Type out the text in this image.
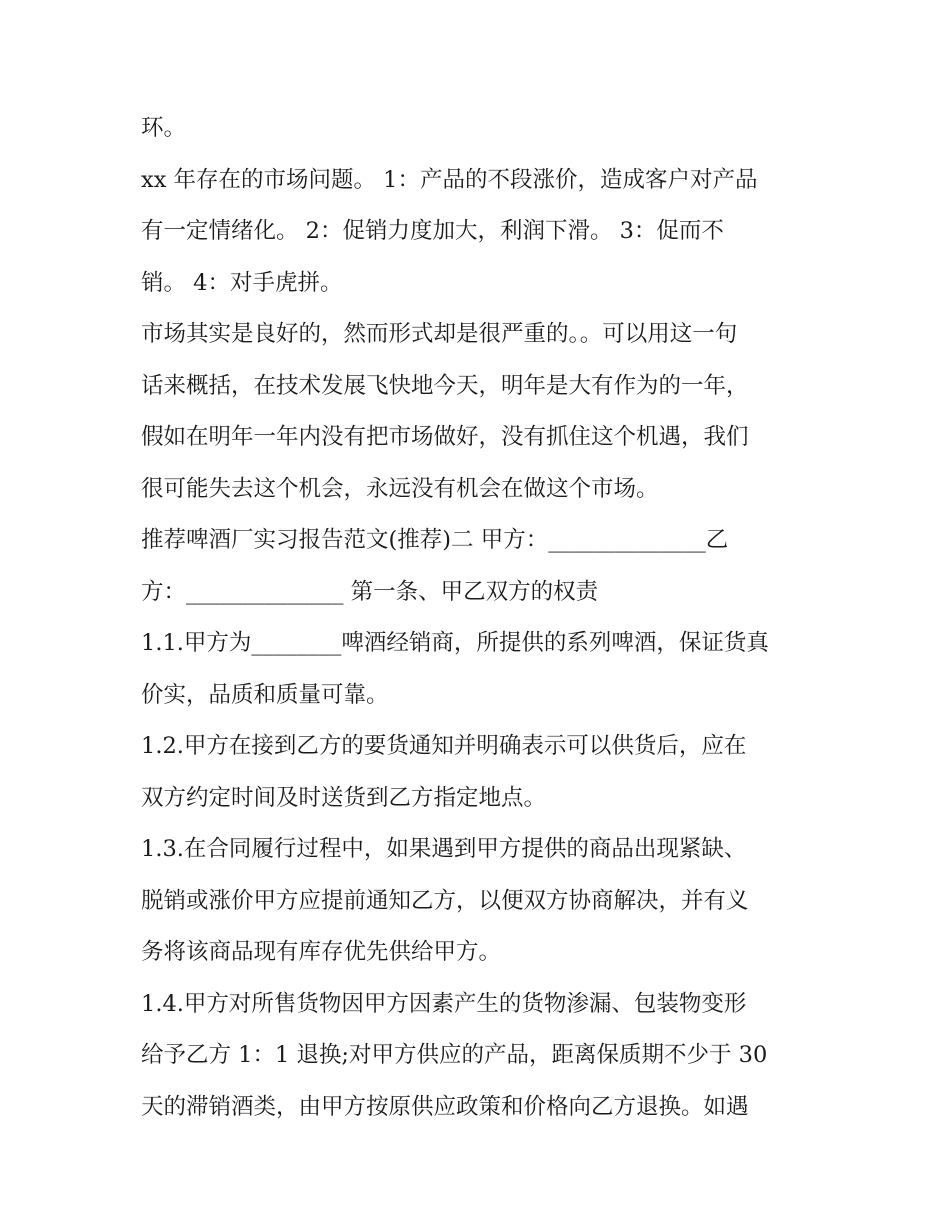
环。
xx 年存在的市场问题。 1：产品的不段涨价，造成客户对产品
有一定情绪化。 2：促销力度加大，利润下滑。 3：促而不
销。 4：对手虎拼。
市场其实是良好的，然而形式却是很严重的。。可以用这一句
话来概括，在技术发展飞快地今天，明年是大有作为的一年，
假如在明年一年内没有把市场做好，没有抓住这个机遇，我们
很可能失去这个机会，永远没有机会在做这个市场。
推荐啤酒厂实习报告范文(推荐)二 甲方：______________乙
方：______________ 第一条、甲乙双方的权责
1.1.甲方为________啤酒经销商，所提供的系列啤酒，保证货真
价实，品质和质量可靠。
1.2.甲方在接到乙方的要货通知并明确表示可以供货后，应在
双方约定时间及时送货到乙方指定地点。
1.3.在合同履行过程中，如果遇到甲方提供的商品出现紧缺、
脱销或涨价甲方应提前通知乙方，以便双方协商解决，并有义
务将该商品现有库存优先供给甲方。
1.4.甲方对所售货物因甲方因素产生的货物渗漏、包装物变形
给予乙方 1：1 退换;对甲方供应的产品，距离保质期不少于 30
天的滞销酒类，由甲方按原供应政策和价格向乙方退换。如遇
